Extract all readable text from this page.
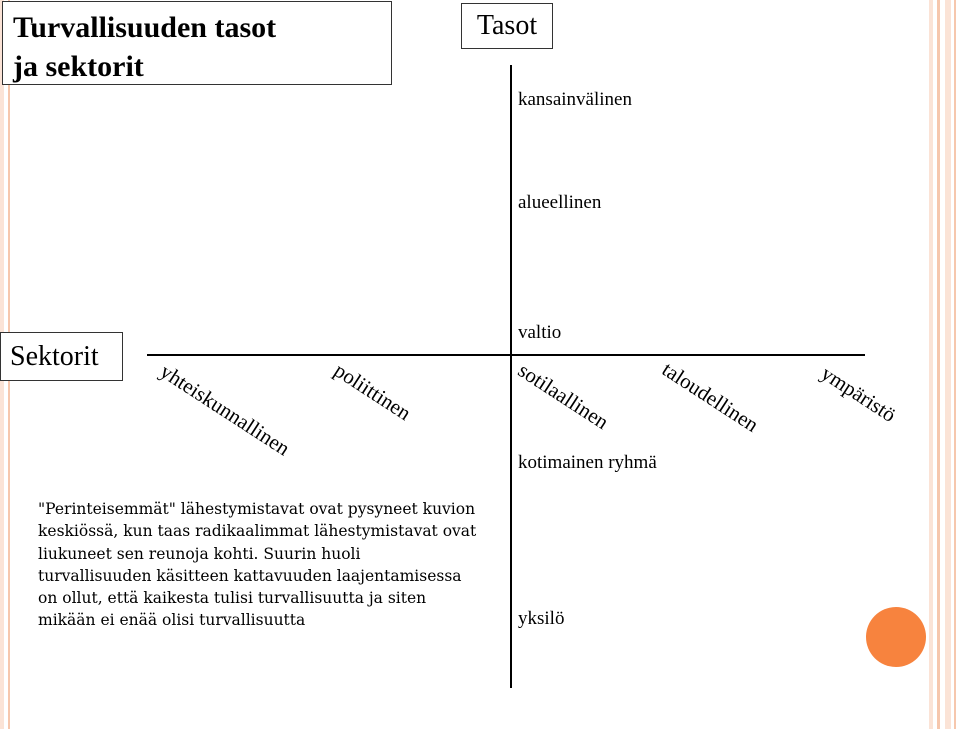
Turvallisuuden tasot
ja sektorit
Tasot
Sektorit
kansainvälinen
alueellinen
valtio
kotimainen ryhmä
yksilö
yhteiskunnallinen poliittinen	sotilaallinen taloudellinen	ympäristö
"Perinteisemmät" lähestymistavat ovat pysyneet kuvion keskiössä, kun taas radikaalimmat lähestymistavat ovat liukuneet sen reunoja kohti. Suurin huoli turvallisuuden käsitteen kattavuuden laajentamisessa on ollut, että kaikesta tulisi turvallisuutta ja siten mikään ei enää olisi turvallisuutta
